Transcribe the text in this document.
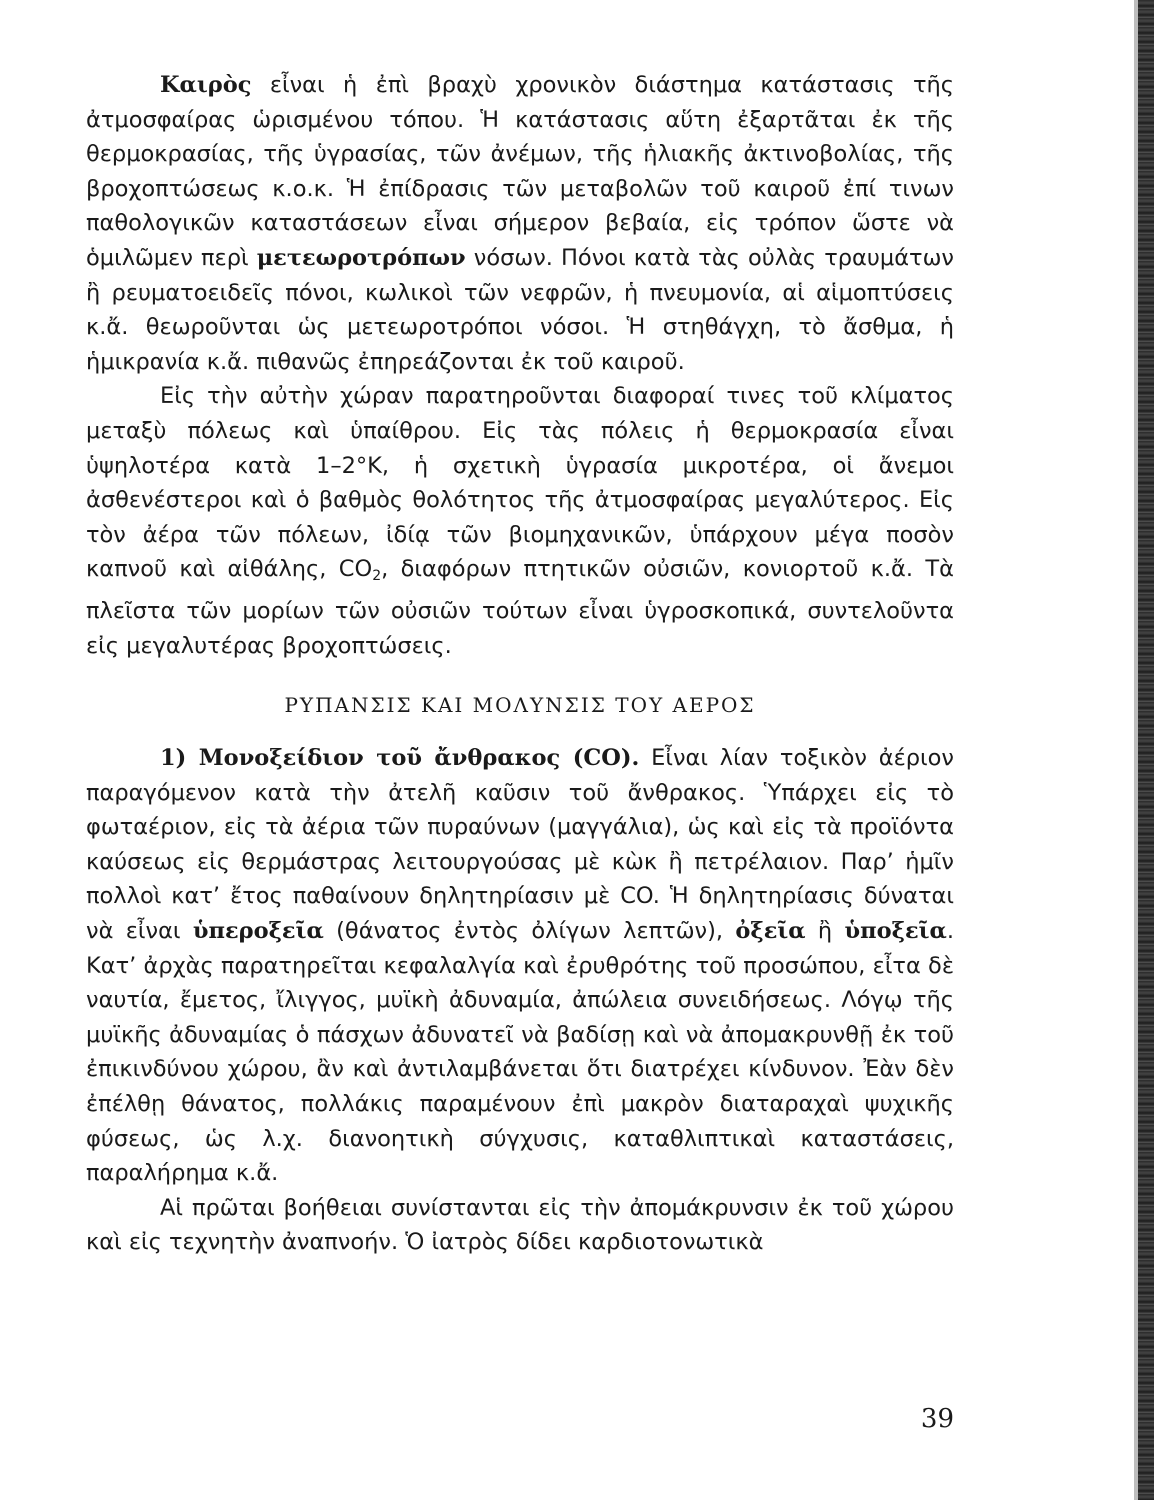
Καιρὸς εἶναι ἡ ἐπὶ βραχὺ χρονικὸν διάστημα κατάστασις τῆς ἀτμοσφαίρας ὡρισμένου τόπου. Ἡ κατάστασις αὕτη ἐξαρτᾶται ἐκ τῆς θερμοκρασίας, τῆς ὑγρασίας, τῶν ἀνέμων, τῆς ἡλιακῆς ἀκτινοβολίας, τῆς βροχοπτώσεως κ.ο.κ. Ἡ ἐπίδρασις τῶν μεταβολῶν τοῦ καιροῦ ἐπί τινων παθολογικῶν καταστάσεων εἶναι σήμερον βεβαία, εἰς τρόπον ὥστε νὰ ὁμιλῶμεν περὶ μετεωροτρόπων νόσων. Πόνοι κατὰ τὰς οὐλὰς τραυμάτων ἢ ρευματοειδεῖς πόνοι, κωλικοὶ τῶν νεφρῶν, ἡ πνευμονία, αἱ αἱμοπτύσεις κ.ἄ. θεωροῦνται ὡς μετεωροτρόποι νόσοι. Ἡ στηθάγχη, τὸ ἄσθμα, ἡ ἡμικρανία κ.ἄ. πιθανῶς ἐπηρεάζονται ἐκ τοῦ καιροῦ.

Εἰς τὴν αὐτὴν χώραν παρατηροῦνται διαφοραί τινες τοῦ κλίματος μεταξὺ πόλεως καὶ ὑπαίθρου. Εἰς τὰς πόλεις ἡ θερμοκρασία εἶναι ὑψηλοτέρα κατὰ 1–2°Κ, ἡ σχετικὴ ὑγρασία μικροτέρα, οἱ ἄνεμοι ἀσθενέστεροι καὶ ὁ βαθμὸς θολότητος τῆς ἀτμοσφαίρας μεγαλύτερος. Εἰς τὸν ἀέρα τῶν πόλεων, ἰδίᾳ τῶν βιομηχανικῶν, ὑπάρχουν μέγα ποσὸν καπνοῦ καὶ αἰθάλης, CO2, διαφόρων πτητικῶν οὐσιῶν, κονιορτοῦ κ.ἄ. Τὰ πλεῖστα τῶν μορίων τῶν οὐσιῶν τούτων εἶναι ὑγροσκοπικά, συντελοῦντα εἰς μεγαλυτέρας βροχοπτώσεις.

ΡΥΠΑΝΣΙΣ ΚΑΙ ΜΟΛΥΝΣΙΣ ΤΟΥ ΑΕΡΟΣ

1) Μονοξείδιον τοῦ ἄνθρακος (CO). Εἶναι λίαν τοξικὸν ἀέριον παραγόμενον κατὰ τὴν ἀτελῆ καῦσιν τοῦ ἄνθρακος. Ὑπάρχει εἰς τὸ φωταέριον, εἰς τὰ ἀέρια τῶν πυραύνων (μαγγάλια), ὡς καὶ εἰς τὰ προϊόντα καύσεως εἰς θερμάστρας λειτουργούσας μὲ κὼκ ἢ πετρέλαιον. Παρ’ ἡμῖν πολλοὶ κατ’ ἔτος παθαίνουν δηλητηρίασιν μὲ CO. Ἡ δηλητηρίασις δύναται νὰ εἶναι ὑπεροξεῖα (θάνατος ἐντὸς ὀλίγων λεπτῶν), ὀξεῖα ἢ ὑποξεῖα. Κατ’ ἀρχὰς παρατηρεῖται κεφαλαλγία καὶ ἐρυθρότης τοῦ προσώπου, εἶτα δὲ ναυτία, ἔμετος, ἴλιγγος, μυϊκὴ ἀδυναμία, ἀπώλεια συνειδήσεως. Λόγῳ τῆς μυϊκῆς ἀδυναμίας ὁ πάσχων ἀδυνατεῖ νὰ βαδίσῃ καὶ νὰ ἀπομακρυνθῇ ἐκ τοῦ ἐπικινδύνου χώρου, ἂν καὶ ἀντιλαμβάνεται ὅτι διατρέχει κίνδυνον. Ἐὰν δὲν ἐπέλθῃ θάνατος, πολλάκις παραμένουν ἐπὶ μακρὸν διαταραχαὶ ψυχικῆς φύσεως, ὡς λ.χ. διανοητικὴ σύγχυσις, καταθλιπτικαὶ καταστάσεις, παραλήρημα κ.ἄ.

Αἱ πρῶται βοήθειαι συνίστανται εἰς τὴν ἀπομάκρυνσιν ἐκ τοῦ χώρου καὶ εἰς τεχνητὴν ἀναπνοήν. Ὁ ἰατρὸς δίδει καρδιοτονωτικὰ

39
